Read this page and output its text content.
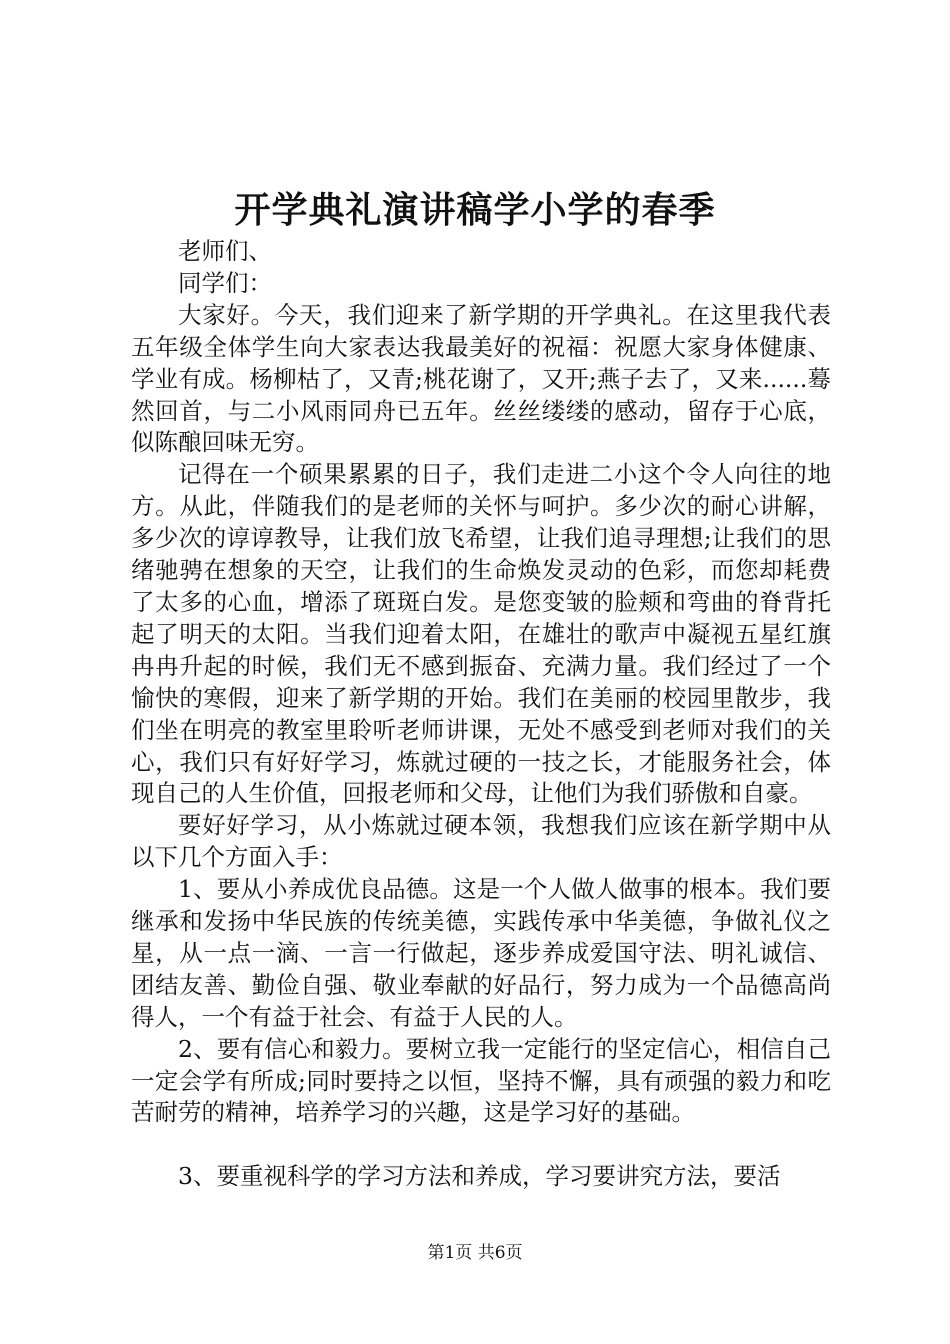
开学典礼演讲稿学小学的春季

老师们、

同学们：

大家好。今天，我们迎来了新学期的开学典礼。在这里我代表五年级全体学生向大家表达我最美好的祝福：祝愿大家身体健康、学业有成。杨柳枯了，又青;桃花谢了，又开;燕子去了，又来......蓦然回首，与二小风雨同舟已五年。丝丝缕缕的感动，留存于心底，似陈酿回味无穷。

记得在一个硕果累累的日子，我们走进二小这个令人向往的地方。从此，伴随我们的是老师的关怀与呵护。多少次的耐心讲解，多少次的谆谆教导，让我们放飞希望，让我们追寻理想;让我们的思绪驰骋在想象的天空，让我们的生命焕发灵动的色彩，而您却耗费了太多的心血，增添了斑斑白发。是您变皱的脸颊和弯曲的脊背托起了明天的太阳。当我们迎着太阳，在雄壮的歌声中凝视五星红旗冉冉升起的时候，我们无不感到振奋、充满力量。我们经过了一个愉快的寒假，迎来了新学期的开始。我们在美丽的校园里散步，我们坐在明亮的教室里聆听老师讲课，无处不感受到老师对我们的关心，我们只有好好学习，炼就过硬的一技之长，才能服务社会，体现自己的人生价值，回报老师和父母，让他们为我们骄傲和自豪。

要好好学习，从小炼就过硬本领，我想我们应该在新学期中从以下几个方面入手：

1、要从小养成优良品德。这是一个人做人做事的根本。我们要继承和发扬中华民族的传统美德，实践传承中华美德，争做礼仪之星，从一点一滴、一言一行做起，逐步养成爱国守法、明礼诚信、团结友善、勤俭自强、敬业奉献的好品行，努力成为一个品德高尚得人，一个有益于社会、有益于人民的人。

2、要有信心和毅力。要树立我一定能行的坚定信心，相信自己一定会学有所成;同时要持之以恒，坚持不懈，具有顽强的毅力和吃苦耐劳的精神，培养学习的兴趣，这是学习好的基础。

3、要重视科学的学习方法和养成，学习要讲究方法，要活

第1页 共6页
